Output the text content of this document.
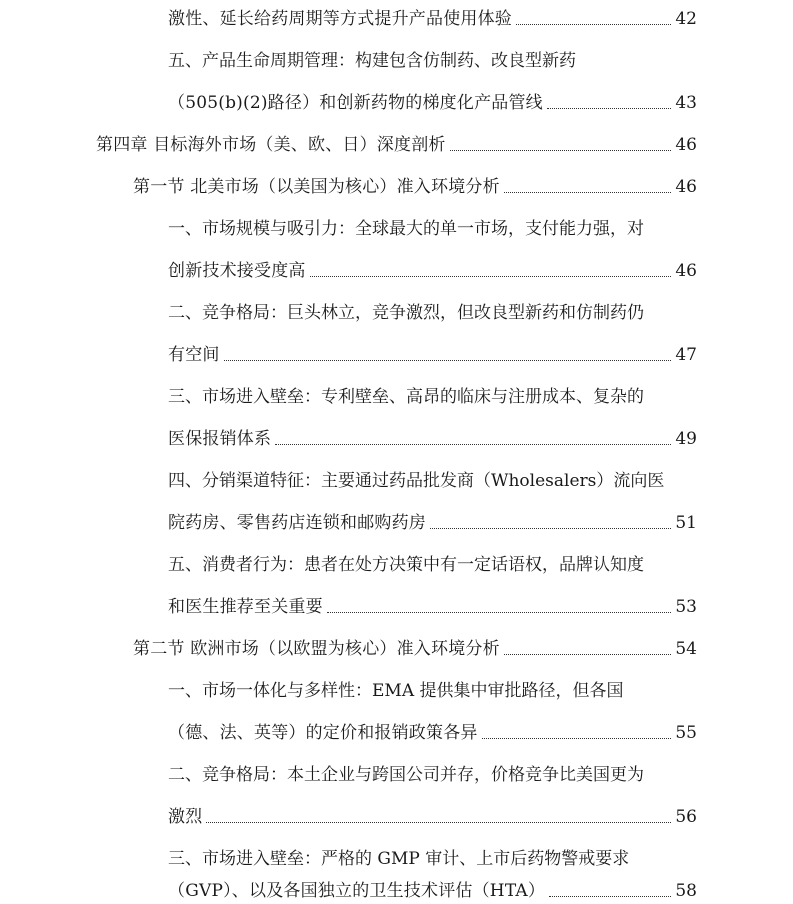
激性、延长给药周期等方式提升产品使用体验	42
五、产品生命周期管理：构建包含仿制药、改良型新药
（505(b)(2)路径）和创新药物的梯度化产品管线	43
第四章 目标海外市场（美、欧、日）深度剖析	46
第一节 北美市场（以美国为核心）准入环境分析	46
一、市场规模与吸引力：全球最大的单一市场，支付能力强，对
创新技术接受度高	46
二、竞争格局：巨头林立，竞争激烈，但改良型新药和仿制药仍
有空间	47
三、市场进入壁垒：专利壁垒、高昂的临床与注册成本、复杂的
医保报销体系	49
四、分销渠道特征：主要通过药品批发商（Wholesalers）流向医
院药房、零售药店连锁和邮购药房	51
五、消费者行为：患者在处方决策中有一定话语权，品牌认知度
和医生推荐至关重要	53
第二节 欧洲市场（以欧盟为核心）准入环境分析	54
一、市场一体化与多样性：EMA 提供集中审批路径，但各国
（德、法、英等）的定价和报销政策各异	55
二、竞争格局：本土企业与跨国公司并存，价格竞争比美国更为
激烈	56
三、市场进入壁垒：严格的 GMP 审计、上市后药物警戒要求
（GVP）、以及各国独立的卫生技术评估（HTA）	58
